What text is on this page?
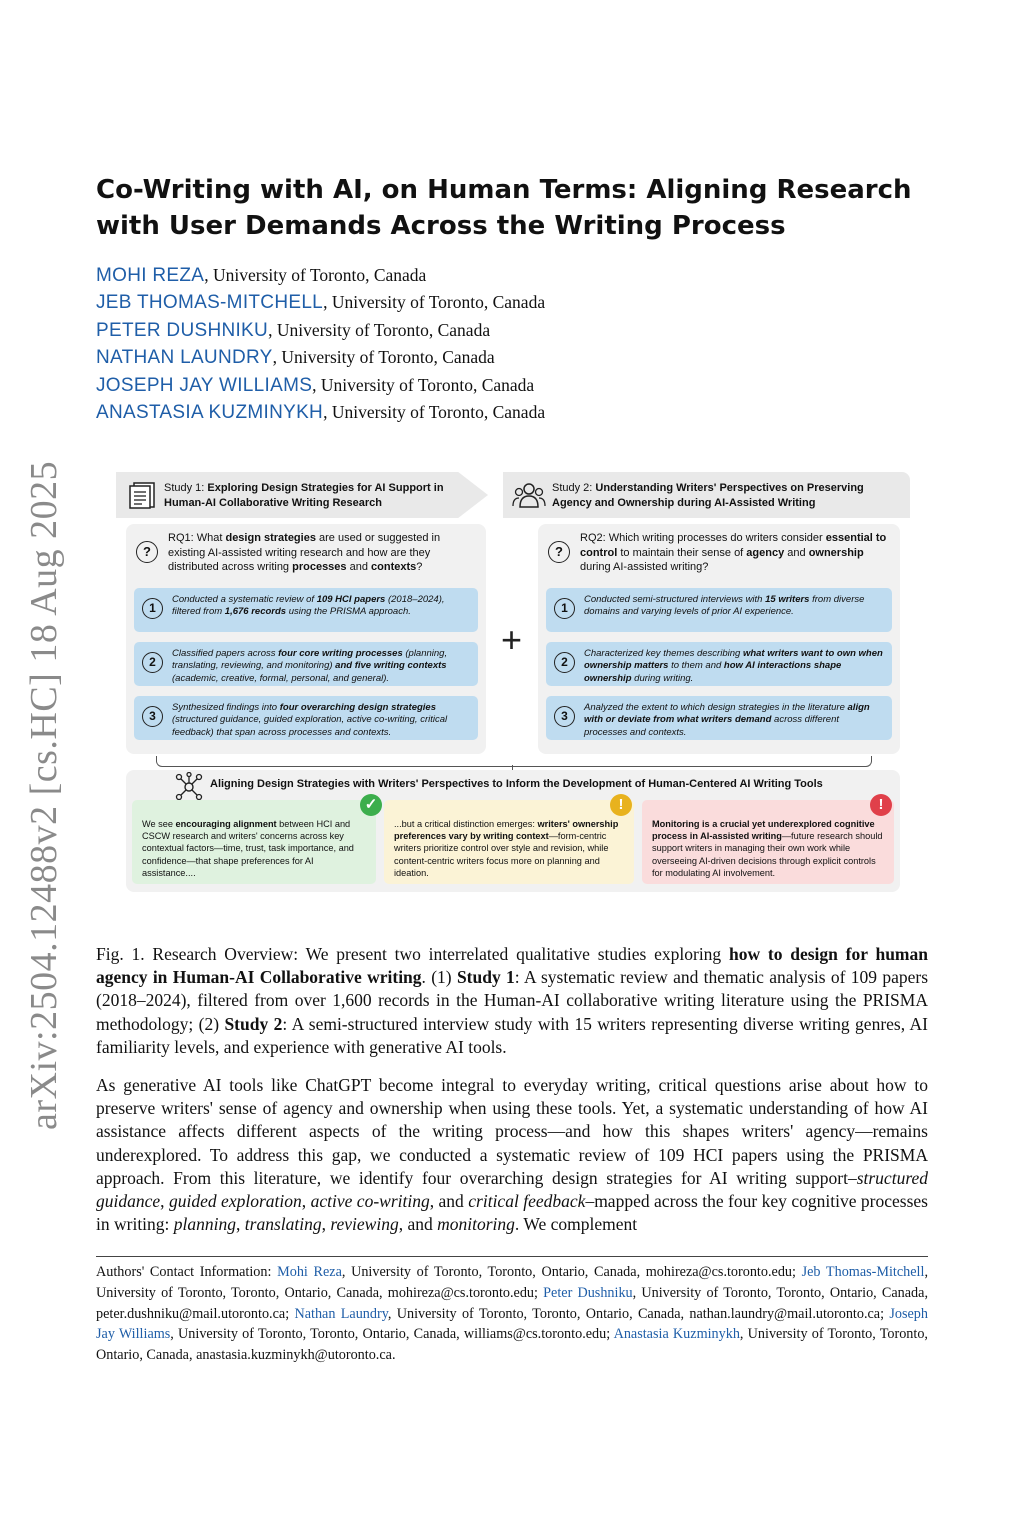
arXiv:2504.12488v2 [cs.HC] 18 Aug 2025
Co-Writing with AI, on Human Terms: Aligning Research with User Demands Across the Writing Process
MOHI REZA, University of Toronto, Canada
JEB THOMAS-MITCHELL, University of Toronto, Canada
PETER DUSHNIKU, University of Toronto, Canada
NATHAN LAUNDRY, University of Toronto, Canada
JOSEPH JAY WILLIAMS, University of Toronto, Canada
ANASTASIA KUZMINYKH, University of Toronto, Canada
Study 1: Exploring Design Strategies for AI Support in Human-AI Collaborative Writing Research
Study 2: Understanding Writers' Perspectives on Preserving Agency and Ownership during AI-Assisted Writing
?
RQ1: What design strategies are used or suggested in existing AI-assisted writing research and how are they distributed across writing processes and contexts?
1
Conducted a systematic review of 109 HCI papers (2018–2024), filtered from 1,676 records using the PRISMA approach.
2
Classified papers across four core writing processes (planning, translating, reviewing, and monitoring) and five writing contexts (academic, creative, formal, personal, and general).
3
Synthesized findings into four overarching design strategies (structured guidance, guided exploration, active co-writing, critical feedback) that span across processes and contexts.
+
?
RQ2: Which writing processes do writers consider essential to control to maintain their sense of agency and ownership during AI-assisted writing?
1
Conducted semi-structured interviews with 15 writers from diverse domains and varying levels of prior AI experience.
2
Characterized key themes describing what writers want to own when ownership matters to them and how AI interactions shape ownership during writing.
3
Analyzed the extent to which design strategies in the literature align with or deviate from what writers demand across different processes and contexts.
Aligning Design Strategies with Writers' Perspectives to Inform the Development of Human-Centered AI Writing Tools
✓
We see encouraging alignment between HCI and CSCW research and writers' concerns across key contextual factors—time, trust, task importance, and confidence—that shape preferences for AI assistance....
!
...but a critical distinction emerges: writers' ownership preferences vary by writing context—form-centric writers prioritize control over style and revision, while content-centric writers focus more on planning and ideation.
!
Monitoring is a crucial yet underexplored cognitive process in AI-assisted writing—future research should support writers in managing their own work while overseeing AI-driven decisions through explicit controls for modulating AI involvement.
Fig. 1. Research Overview: We present two interrelated qualitative studies exploring how to design for human agency in Human-AI Collaborative writing. (1) Study 1: A systematic review and thematic analysis of 109 papers (2018–2024), filtered from over 1,600 records in the Human-AI collaborative writing literature using the PRISMA methodology; (2) Study 2: A semi-structured interview study with 15 writers representing diverse writing genres, AI familiarity levels, and experience with generative AI tools.
As generative AI tools like ChatGPT become integral to everyday writing, critical questions arise about how to preserve writers' sense of agency and ownership when using these tools. Yet, a systematic understanding of how AI assistance affects different aspects of the writing process—and how this shapes writers' agency—remains underexplored. To address this gap, we conducted a systematic review of 109 HCI papers using the PRISMA approach. From this literature, we identify four overarching design strategies for AI writing support–structured guidance, guided exploration, active co-writing, and critical feedback–mapped across the four key cognitive processes in writing: planning, translating, reviewing, and monitoring. We complement
Authors' Contact Information: Mohi Reza, University of Toronto, Toronto, Ontario, Canada, mohireza@cs.toronto.edu; Jeb Thomas-Mitchell, University of Toronto, Toronto, Ontario, Canada, mohireza@cs.toronto.edu; Peter Dushniku, University of Toronto, Toronto, Ontario, Canada, peter.dushniku@mail.utoronto.ca; Nathan Laundry, University of Toronto, Toronto, Ontario, Canada, nathan.laundry@mail.utoronto.ca; Joseph Jay Williams, University of Toronto, Toronto, Ontario, Canada, williams@cs.toronto.edu; Anastasia Kuzminykh, University of Toronto, Toronto, Ontario, Canada, anastasia.kuzminykh@utoronto.ca.
